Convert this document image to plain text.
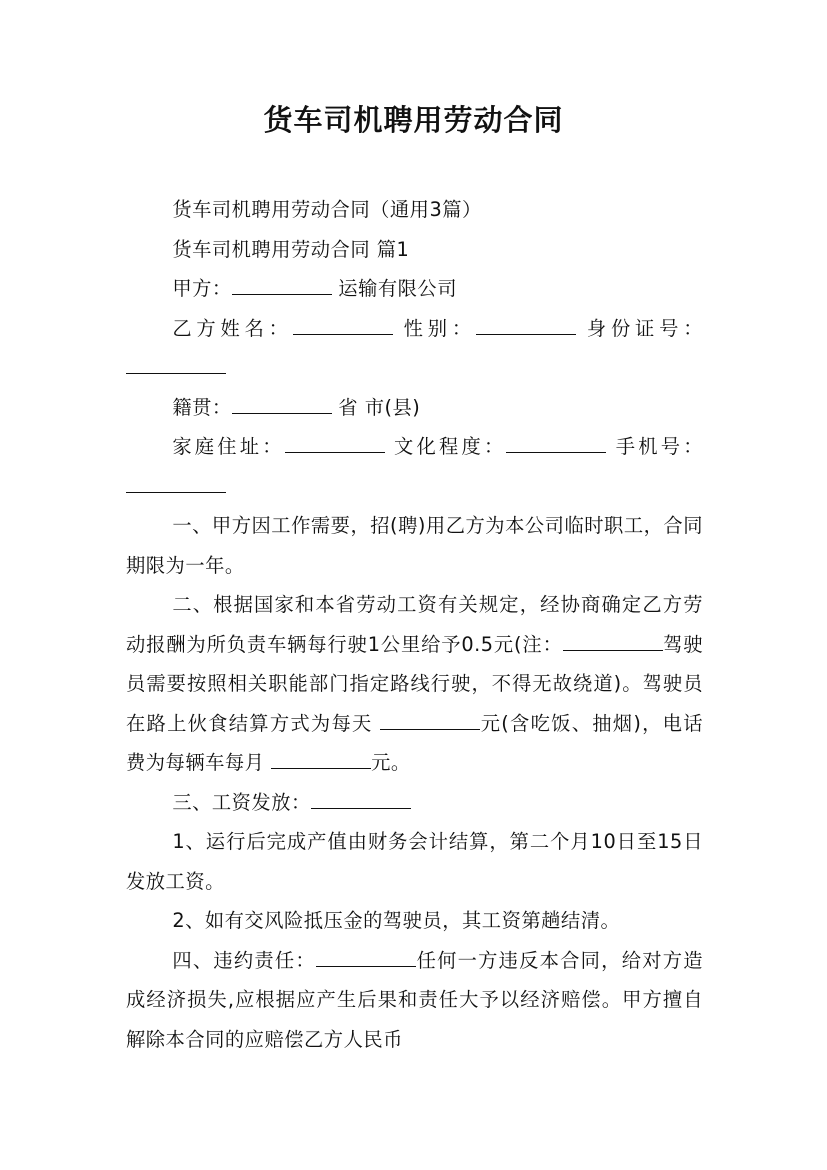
货车司机聘用劳动合同

货车司机聘用劳动合同（通用3篇）

货车司机聘用劳动合同 篇1

甲方：	运输有限公司

乙方姓名：	性别：	身份证号：

籍贯：	省 市(县)

家庭住址：	文化程度：	手机号：

一、甲方因工作需要，招(聘)用乙方为本公司临时职工，合同期限为一年。

二、根据国家和本省劳动工资有关规定，经协商确定乙方劳动报酬为所负责车辆每行驶1公里给予0.5元(注：	驾驶员需要按照相关职能部门指定路线行驶，不得无故绕道)。驾驶员在路上伙食结算方式为每天	元(含吃饭、抽烟)，电话费为每辆车每月	元。

三、工资发放：

1、运行后完成产值由财务会计结算，第二个月10日至15日发放工资。

2、如有交风险抵压金的驾驶员，其工资第趟结清。

四、违约责任：	任何一方违反本合同，给对方造成经济损失,应根据应产生后果和责任大予以经济赔偿。甲方擅自解除本合同的应赔偿乙方人民币
